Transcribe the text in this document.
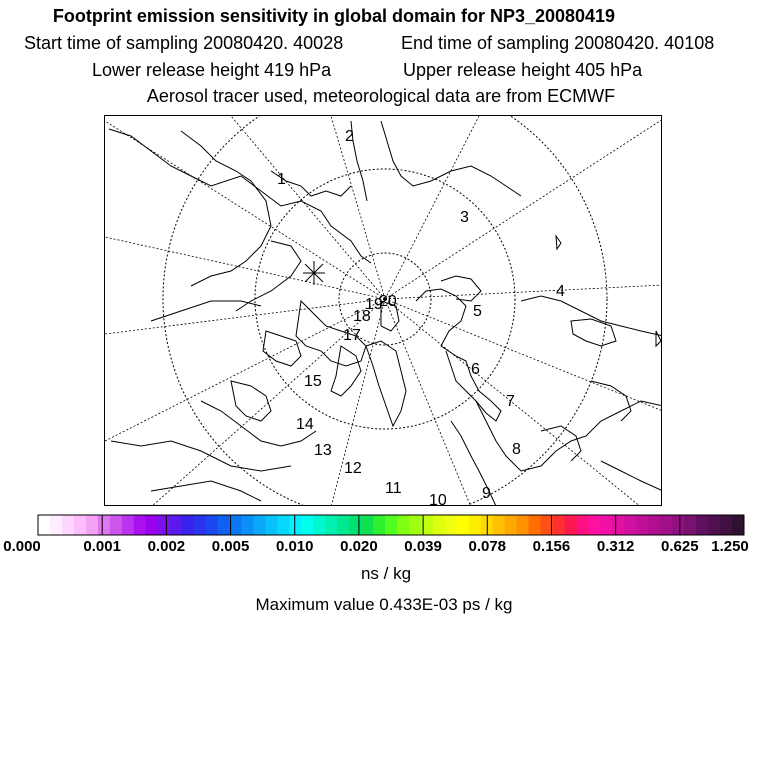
Footprint emission sensitivity in global domain for NP3_20080419
Start time of sampling 20080420. 40028	End time of sampling 20080420. 40108
Lower release height 419 hPa	Upper release height 405 hPa
Aerosol tracer used, meteorological data are from ECMWF
1
2
3
4
5
6
7
8
9
10
11
12
13
14
15
17
18
19
20
0.000	0.001 0.002 0.005 0.010 0.020 0.039 0.078 0.156 0.312 0.625 1.250
ns / kg
Maximum value 0.433E-03 ps / kg
